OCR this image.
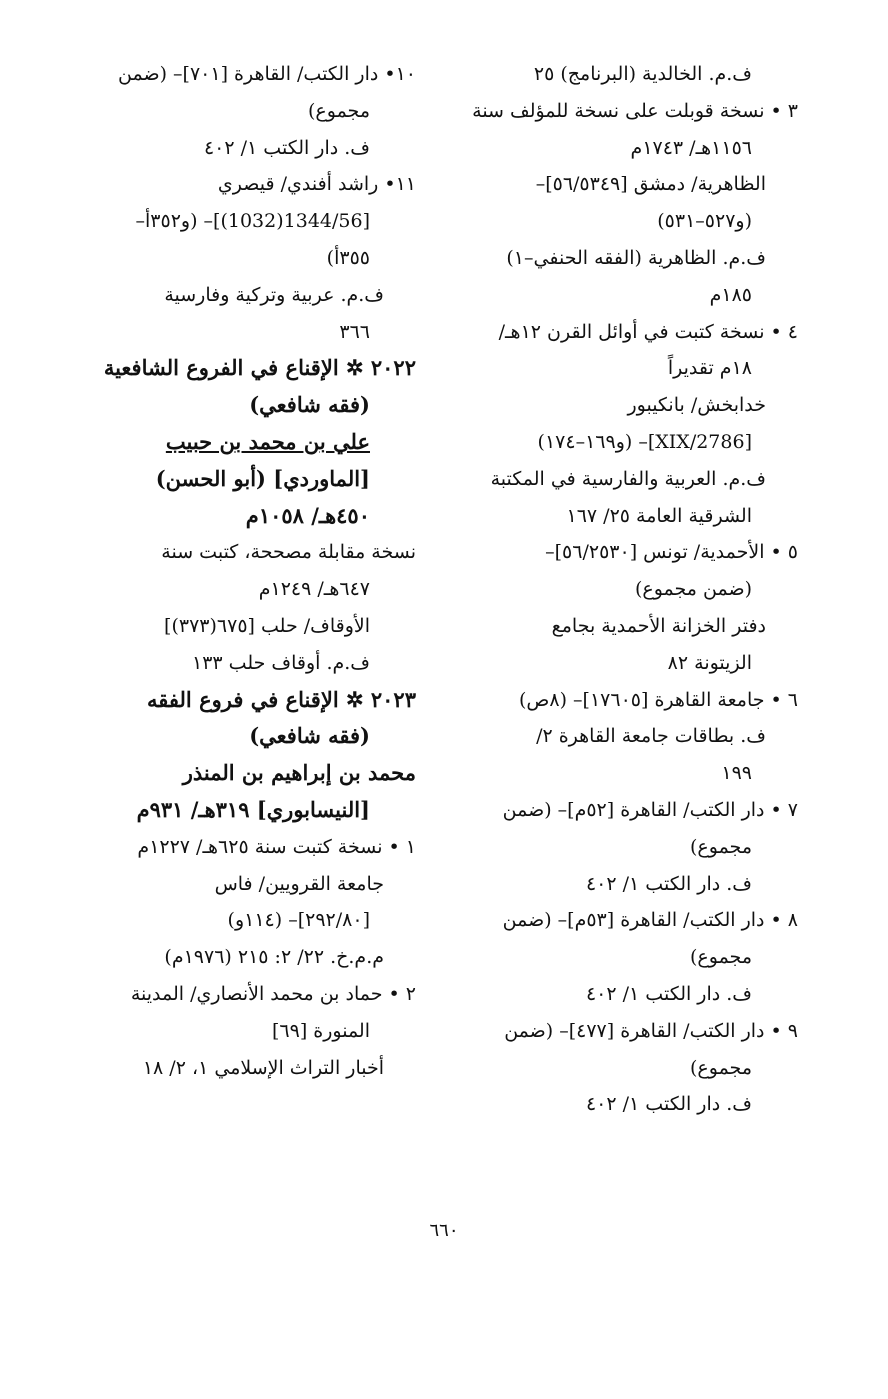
ف.م. الخالدية (البرنامج) ٢٥
٣ • نسخة قوبلت على نسخة للمؤلف سنة
١١٥٦هـ/ ١٧٤٣م
الظاهرية/ دمشق [٥٦/٥٣٤٩]–
(و٥٢٧–٥٣١)
ف.م. الظاهرية (الفقه الحنفي–١)
١٨٥م
٤ • نسخة كتبت في أوائل القرن ١٢هـ/
١٨م تقديراً
خدابخش/ بانكيبور
[2786/XIX]– (و١٦٩–١٧٤)
ف.م. العربية والفارسية في المكتبة
الشرقية العامة ٢٥/ ١٦٧
٥ • الأحمدية/ تونس [٥٦/٢٥٣٠]–
(ضمن مجموع)
دفتر الخزانة الأحمدية بجامع
الزيتونة ٨٢
٦ • جامعة القاهرة [١٧٦٠٥]– (٨ص)
ف. بطاقات جامعة القاهرة ٢/
١٩٩
٧ • دار الكتب/ القاهرة [٥٢م]– (ضمن
مجموع)
ف. دار الكتب ١/ ٤٠٢
٨ • دار الكتب/ القاهرة [٥٣م]– (ضمن
مجموع)
ف. دار الكتب ١/ ٤٠٢
٩ • دار الكتب/ القاهرة [٤٧٧]– (ضمن
مجموع)
ف. دار الكتب ١/ ٤٠٢
١٠• دار الكتب/ القاهرة [٧٠١]– (ضمن
مجموع)
ف. دار الكتب ١/ ٤٠٢
١١• راشد أفندي/ قيصري
[1344/56(1032)]– (و٣٥٢أ–
٣٥٥أ)
ف.م. عربية وتركية وفارسية
٣٦٦
٢٠٢٢ ✲ الإقناع في الفروع الشافعية
(فقه شافعي)
علي بن محمد بن حبيب
[الماوردي] (أبو الحسن)
٤٥٠هـ/ ١٠٥٨م
نسخة مقابلة مصححة، كتبت سنة
٦٤٧هـ/ ١٢٤٩م
الأوقاف/ حلب [٦٧٥(٣٧٣)]
ف.م. أوقاف حلب ١٣٣
٢٠٢٣ ✲ الإقناع في فروع الفقه
(فقه شافعي)
محمد بن إبراهيم بن المنذر
[النيسابوري] ٣١٩هـ/ ٩٣١م
١ • نسخة كتبت سنة ٦٢٥هـ/ ١٢٢٧م
جامعة القرويين/ فاس
[٢٩٢/٨٠]– (١١٤و)
م.م.خ. ٢٢/ ٢: ٢١٥ (١٩٧٦م)
٢ • حماد بن محمد الأنصاري/ المدينة
المنورة [٦٩]
أخبار التراث الإسلامي ١، ٢/ ١٨
٦٦٠
